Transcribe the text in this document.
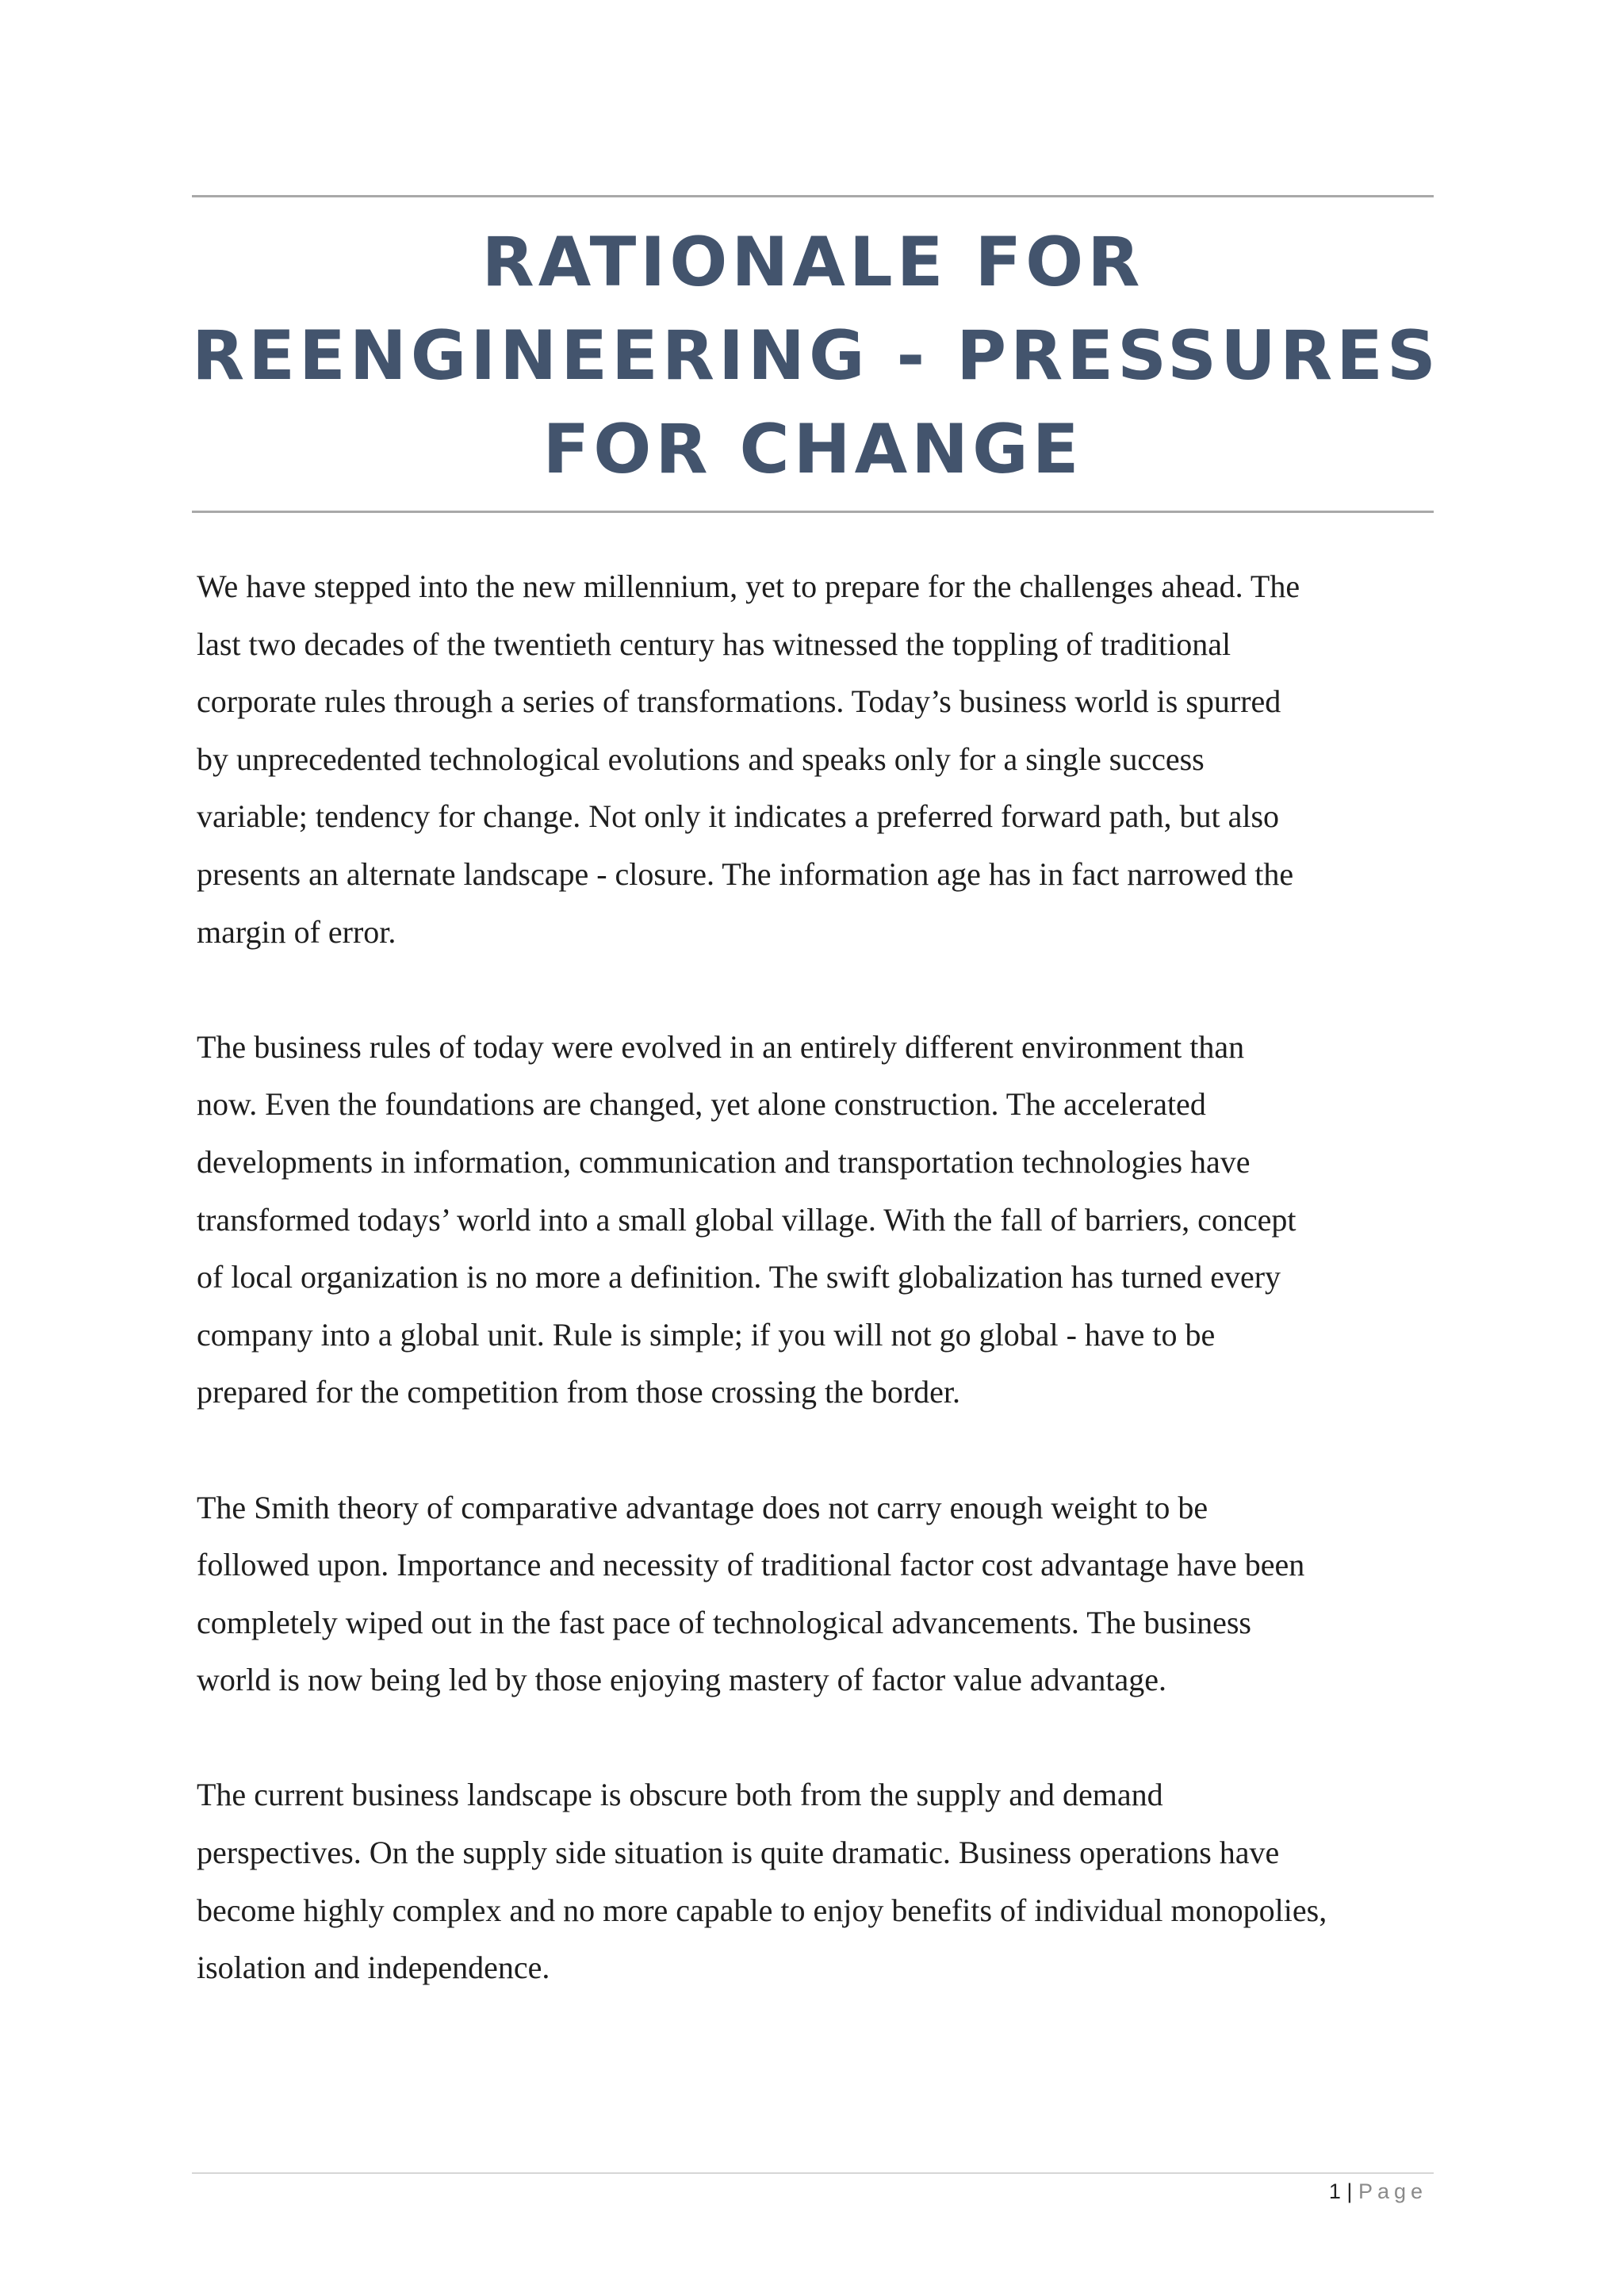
RATIONALE FOR
REENGINEERING - PRESSURES
FOR CHANGE

We have stepped into the new millennium, yet to prepare for the challenges ahead. The
last two decades of the twentieth century has witnessed the toppling of traditional
corporate rules through a series of transformations. Today’s business world is spurred
by unprecedented technological evolutions and speaks only for a single success
variable; tendency for change. Not only it indicates a preferred forward path, but also
presents an alternate landscape - closure. The information age has in fact narrowed the
margin of error.

The business rules of today were evolved in an entirely different environment than
now. Even the foundations are changed, yet alone construction. The accelerated
developments in information, communication and transportation technologies have
transformed todays’ world into a small global village. With the fall of barriers, concept
of local organization is no more a definition. The swift globalization has turned every
company into a global unit. Rule is simple; if you will not go global - have to be
prepared for the competition from those crossing the border.

The Smith theory of comparative advantage does not carry enough weight to be
followed upon. Importance and necessity of traditional factor cost advantage have been
completely wiped out in the fast pace of technological advancements. The business
world is now being led by those enjoying mastery of factor value advantage.

The current business landscape is obscure both from the supply and demand
perspectives. On the supply side situation is quite dramatic. Business operations have
become highly complex and no more capable to enjoy benefits of individual monopolies,
isolation and independence.

1 | Page
